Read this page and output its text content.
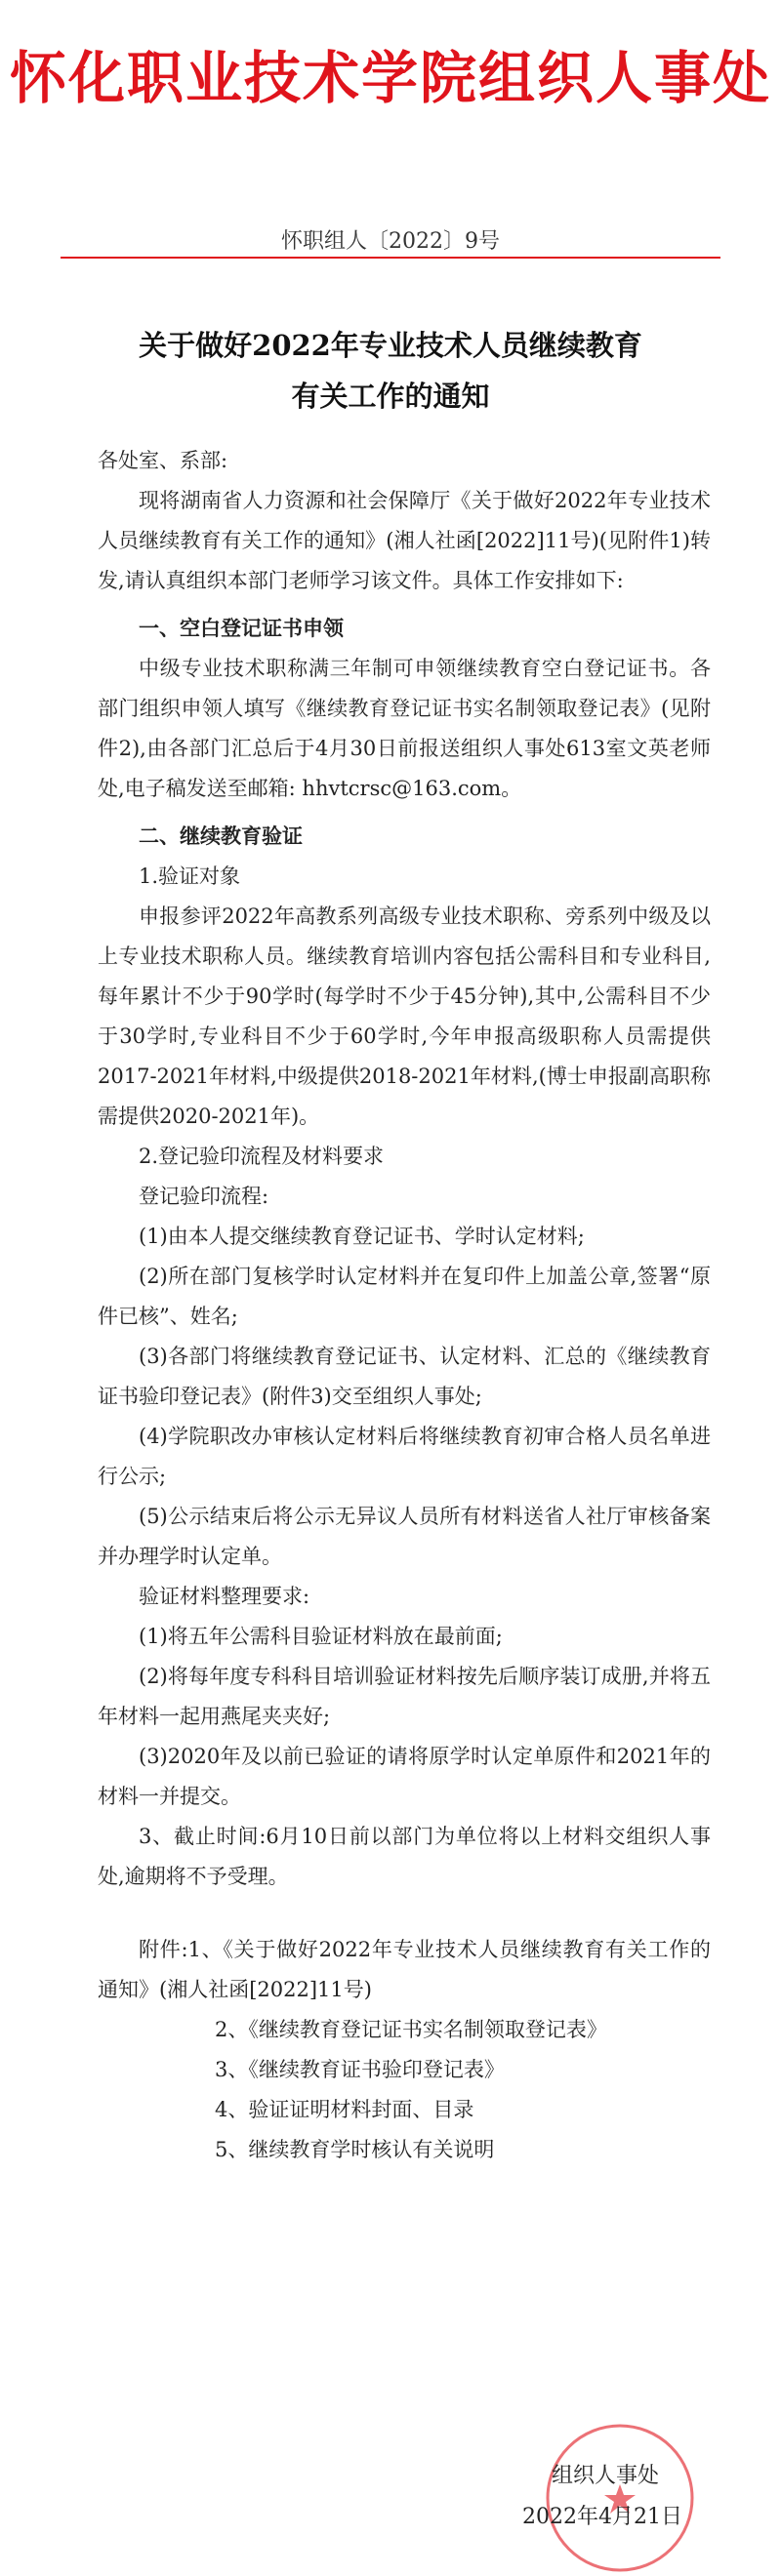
怀化职业技术学院组织人事处
怀职组人〔2022〕9号
关于做好2022年专业技术人员继续教育
有关工作的通知

各处室、系部:

现将湖南省人力资源和社会保障厅《关于做好2022年专业技术人员继续教育有关工作的通知》(湘人社函[2022]11号)(见附件1)转发,请认真组织本部门老师学习该文件。具体工作安排如下:

一、空白登记证书申领

中级专业技术职称满三年制可申领继续教育空白登记证书。各部门组织申领人填写《继续教育登记证书实名制领取登记表》(见附件2),由各部门汇总后于4月30日前报送组织人事处613室文英老师处,电子稿发送至邮箱: hhvtcrsc@163.com。

二、继续教育验证

1.验证对象

申报参评2022年高教系列高级专业技术职称、旁系列中级及以上专业技术职称人员。继续教育培训内容包括公需科目和专业科目,每年累计不少于90学时(每学时不少于45分钟),其中,公需科目不少于30学时,专业科目不少于60学时,今年申报高级职称人员需提供2017-2021年材料,中级提供2018-2021年材料,(博士申报副高职称需提供2020-2021年)。

2.登记验印流程及材料要求

登记验印流程:

(1)由本人提交继续教育登记证书、学时认定材料;

(2)所在部门复核学时认定材料并在复印件上加盖公章,签署“原件已核”、姓名;

(3)各部门将继续教育登记证书、认定材料、汇总的《继续教育证书验印登记表》(附件3)交至组织人事处;

(4)学院职改办审核认定材料后将继续教育初审合格人员名单进行公示;

(5)公示结束后将公示无异议人员所有材料送省人社厅审核备案并办理学时认定单。

验证材料整理要求:

(1)将五年公需科目验证材料放在最前面;

(2)将每年度专科科目培训验证材料按先后顺序装订成册,并将五年材料一起用燕尾夹夹好;

(3)2020年及以前已验证的请将原学时认定单原件和2021年的材料一并提交。

3、截止时间:6月10日前以部门为单位将以上材料交组织人事处,逾期将不予受理。

附件:1、《关于做好2022年专业技术人员继续教育有关工作的通知》(湘人社函[2022]11号)

2、《继续教育登记证书实名制领取登记表》

3、《继续教育证书验印登记表》

4、验证证明材料封面、目录

5、继续教育学时核认有关说明

组织人事处
2022年4月21日
